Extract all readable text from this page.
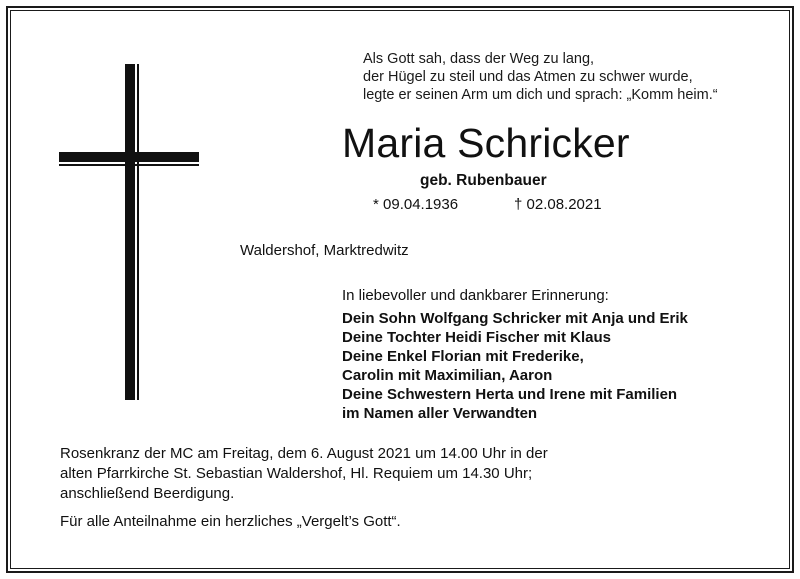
Als Gott sah, dass der Weg zu lang,
der Hügel zu steil und das Atmen zu schwer wurde,
legte er seinen Arm um dich und sprach: „Komm heim.“
Maria Schricker
geb. Rubenbauer
* 09.04.1936	† 02.08.2021
Waldershof, Marktredwitz
In liebevoller und dankbarer Erinnerung:
Dein Sohn Wolfgang Schricker mit Anja und Erik
Deine Tochter Heidi Fischer mit Klaus
Deine Enkel Florian mit Frederike,
Carolin mit Maximilian, Aaron
Deine Schwestern Herta und Irene mit Familien
im Namen aller Verwandten
Rosenkranz der MC am Freitag, dem 6. August 2021 um 14.00 Uhr in der
alten Pfarrkirche St. Sebastian Waldershof, Hl. Requiem um 14.30 Uhr;
anschließend Beerdigung.
Für alle Anteilnahme ein herzliches „Vergelt’s Gott“.
